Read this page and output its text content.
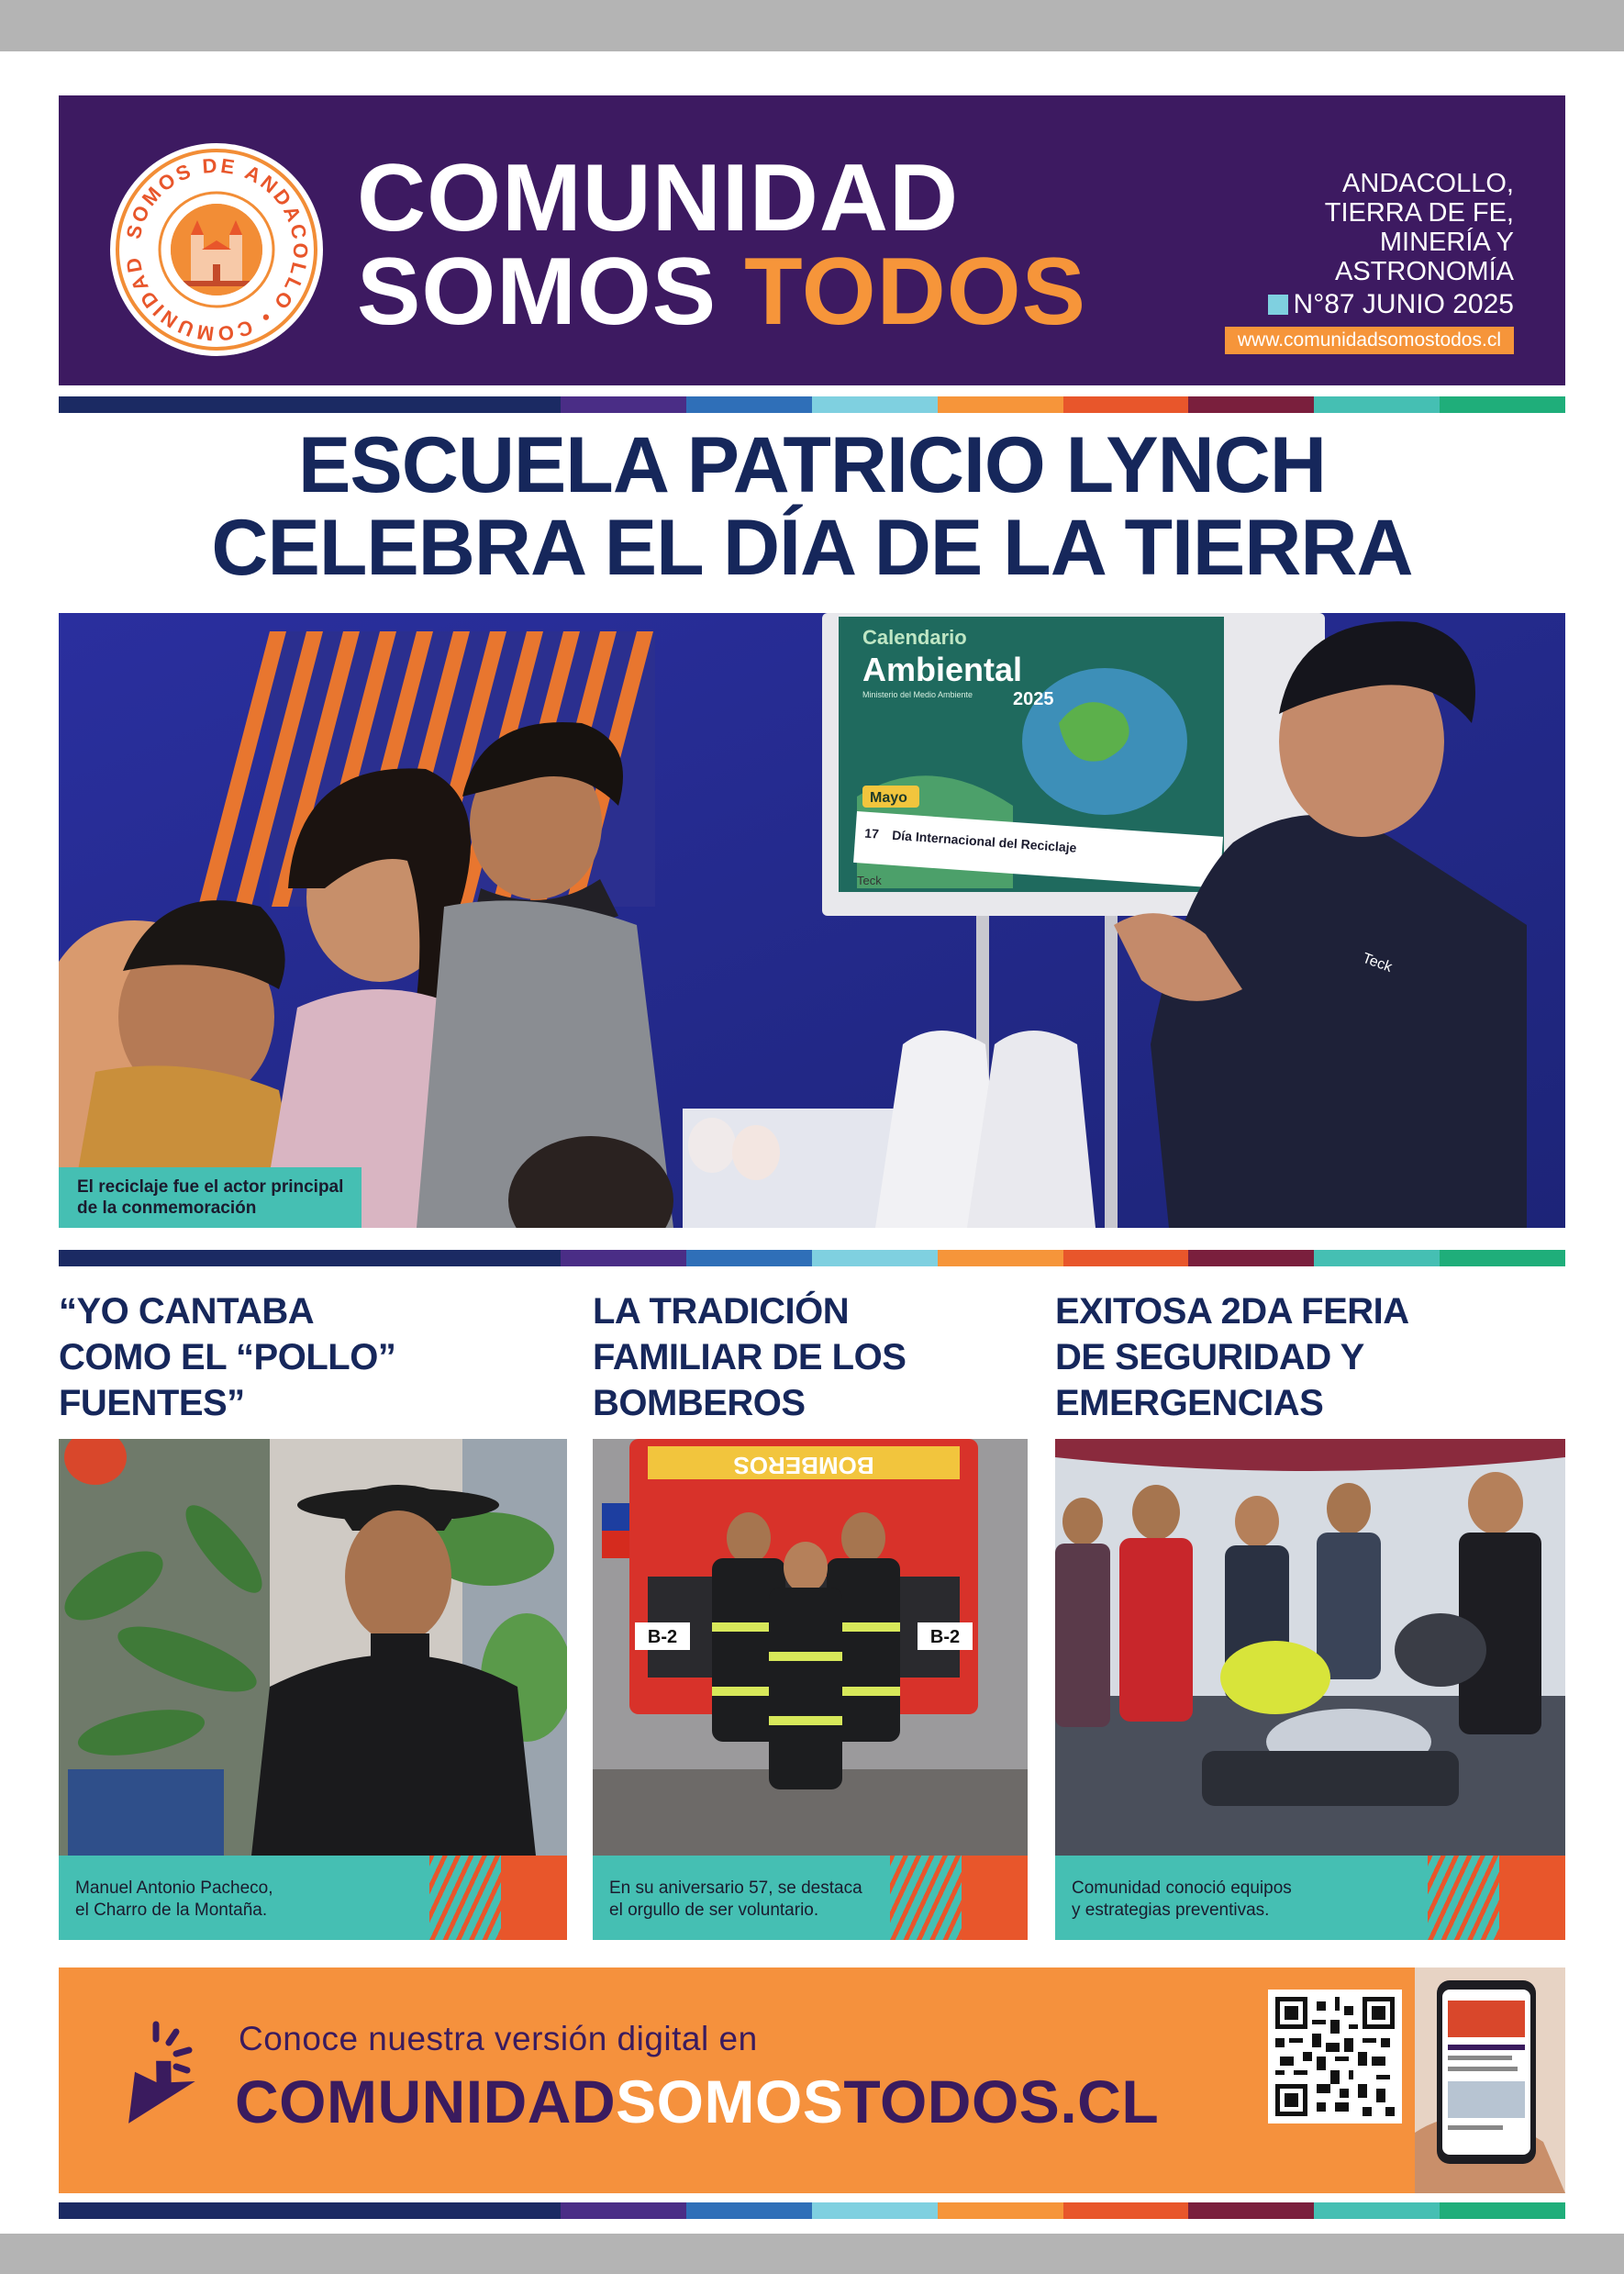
SOMOS DE ANDACOLLO • COMUNIDAD
COMUNIDAD
SOMOS TODOS
ANDACOLLO,
TIERRA DE FE,
MINERÍA Y
ASTRONOMÍA
N°87 JUNIO 2025
www.comunidadsomostodos.cl
ESCUELA PATRICIO LYNCH
CELEBRA EL DÍA DE LA TIERRA
Calendario
Ambiental
2025
Ministerio del Medio Ambiente
Mayo
17 Día Internacional del Reciclaje
Teck
Teck
El reciclaje fue el actor principal
de la conmemoración
“YO CANTABA
COMO EL “POLLO”
FUENTES”
Manuel Antonio Pacheco,
el Charro de la Montaña.
LA TRADICIÓN
FAMILIAR DE LOS
BOMBEROS
BOMBEROS
B-2	B-2
En su aniversario 57, se destaca
el orgullo de ser voluntario.
EXITOSA 2DA FERIA
DE SEGURIDAD Y
EMERGENCIAS
Comunidad conoció equipos
y estrategias preventivas.
Conoce nuestra versión digital en
COMUNIDADSOMOSTODOS.CL
